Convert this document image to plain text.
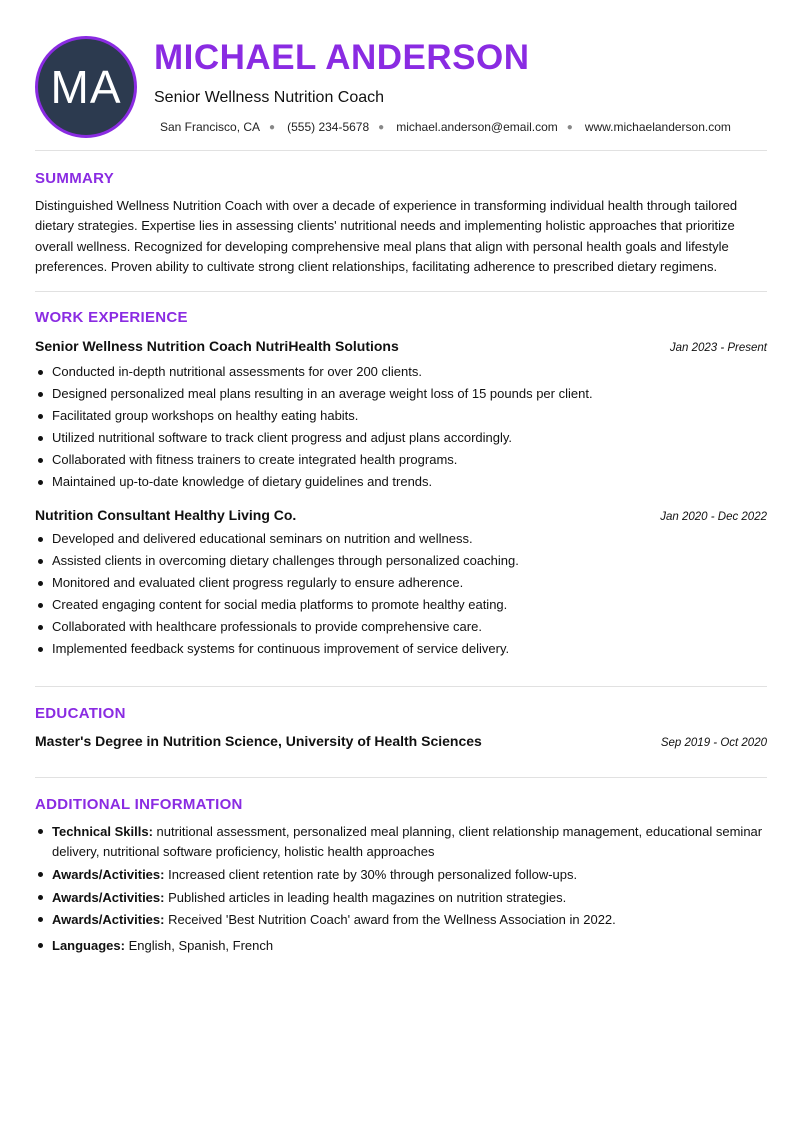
MA
MICHAEL ANDERSON
Senior Wellness Nutrition Coach
San Francisco, CA ● (555) 234-5678 ● michael.anderson@email.com ● www.michaelanderson.com
SUMMARY
Distinguished Wellness Nutrition Coach with over a decade of experience in transforming individual health through tailored dietary strategies. Expertise lies in assessing clients' nutritional needs and implementing holistic approaches that prioritize overall wellness. Recognized for developing comprehensive meal plans that align with personal health goals and lifestyle preferences. Proven ability to cultivate strong client relationships, facilitating adherence to prescribed dietary regimens.
WORK EXPERIENCE
Senior Wellness Nutrition Coach NutriHealth Solutions	Jan 2023 - Present
Conducted in-depth nutritional assessments for over 200 clients.
Designed personalized meal plans resulting in an average weight loss of 15 pounds per client.
Facilitated group workshops on healthy eating habits.
Utilized nutritional software to track client progress and adjust plans accordingly.
Collaborated with fitness trainers to create integrated health programs.
Maintained up-to-date knowledge of dietary guidelines and trends.
Nutrition Consultant Healthy Living Co.	Jan 2020 - Dec 2022
Developed and delivered educational seminars on nutrition and wellness.
Assisted clients in overcoming dietary challenges through personalized coaching.
Monitored and evaluated client progress regularly to ensure adherence.
Created engaging content for social media platforms to promote healthy eating.
Collaborated with healthcare professionals to provide comprehensive care.
Implemented feedback systems for continuous improvement of service delivery.
EDUCATION
Master's Degree in Nutrition Science, University of Health Sciences	Sep 2019 - Oct 2020
ADDITIONAL INFORMATION
Technical Skills: nutritional assessment, personalized meal planning, client relationship management, educational seminar delivery, nutritional software proficiency, holistic health approaches
Awards/Activities: Increased client retention rate by 30% through personalized follow-ups.
Awards/Activities: Published articles in leading health magazines on nutrition strategies.
Awards/Activities: Received 'Best Nutrition Coach' award from the Wellness Association in 2022.
Languages: English, Spanish, French
